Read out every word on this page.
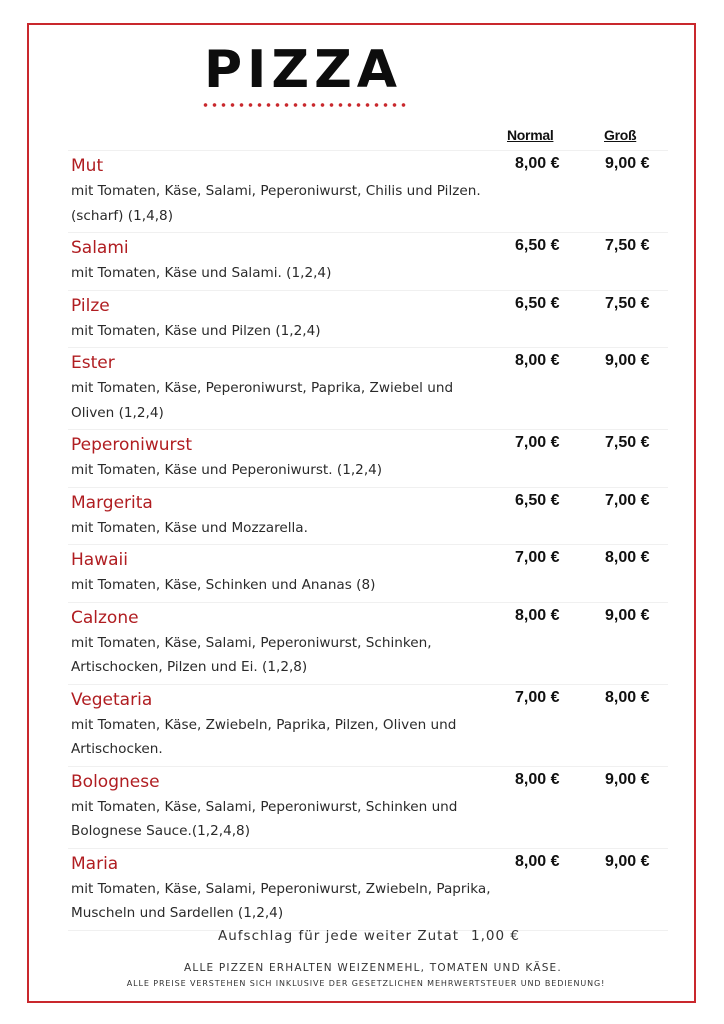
PIZZA
Normal	Groß
Mut
mit Tomaten, Käse, Salami, Peperoniwurst, Chilis und Pilzen. (scharf) (1,4,8)
8,00 €	9,00 €
Salami
mit Tomaten, Käse und Salami. (1,2,4)
6,50 €	7,50 €
Pilze
mit Tomaten, Käse und Pilzen (1,2,4)
6,50 €	7,50 €
Ester
mit Tomaten, Käse, Peperoniwurst, Paprika, Zwiebel und Oliven (1,2,4)
8,00 €	9,00 €
Peperoniwurst
mit Tomaten, Käse und Peperoniwurst. (1,2,4)
7,00 €	7,50 €
Margerita
mit Tomaten, Käse und Mozzarella.
6,50 €	7,00 €
Hawaii
mit Tomaten, Käse, Schinken und Ananas (8)
7,00 €	8,00 €
Calzone
mit Tomaten, Käse, Salami, Peperoniwurst, Schinken, Artischocken, Pilzen und Ei. (1,2,8)
8,00 €	9,00 €
Vegetaria
mit Tomaten, Käse, Zwiebeln, Paprika, Pilzen, Oliven und Artischocken.
7,00 €	8,00 €
Bolognese
mit Tomaten, Käse, Salami, Peperoniwurst, Schinken und Bolognese Sauce.(1,2,4,8)
8,00 €	9,00 €
Maria
mit Tomaten, Käse, Salami, Peperoniwurst, Zwiebeln, Paprika, Muscheln und Sardellen (1,2,4)
8,00 €	9,00 €
Aufschlag für jede weiter Zutat 1,00 €
ALLE PIZZEN ERHALTEN WEIZENMEHL, TOMATEN UND KÄSE.
ALLE PREISE VERSTEHEN SICH INKLUSIVE DER GESETZLICHEN MEHRWERTSTEUER UND BEDIENUNG!
